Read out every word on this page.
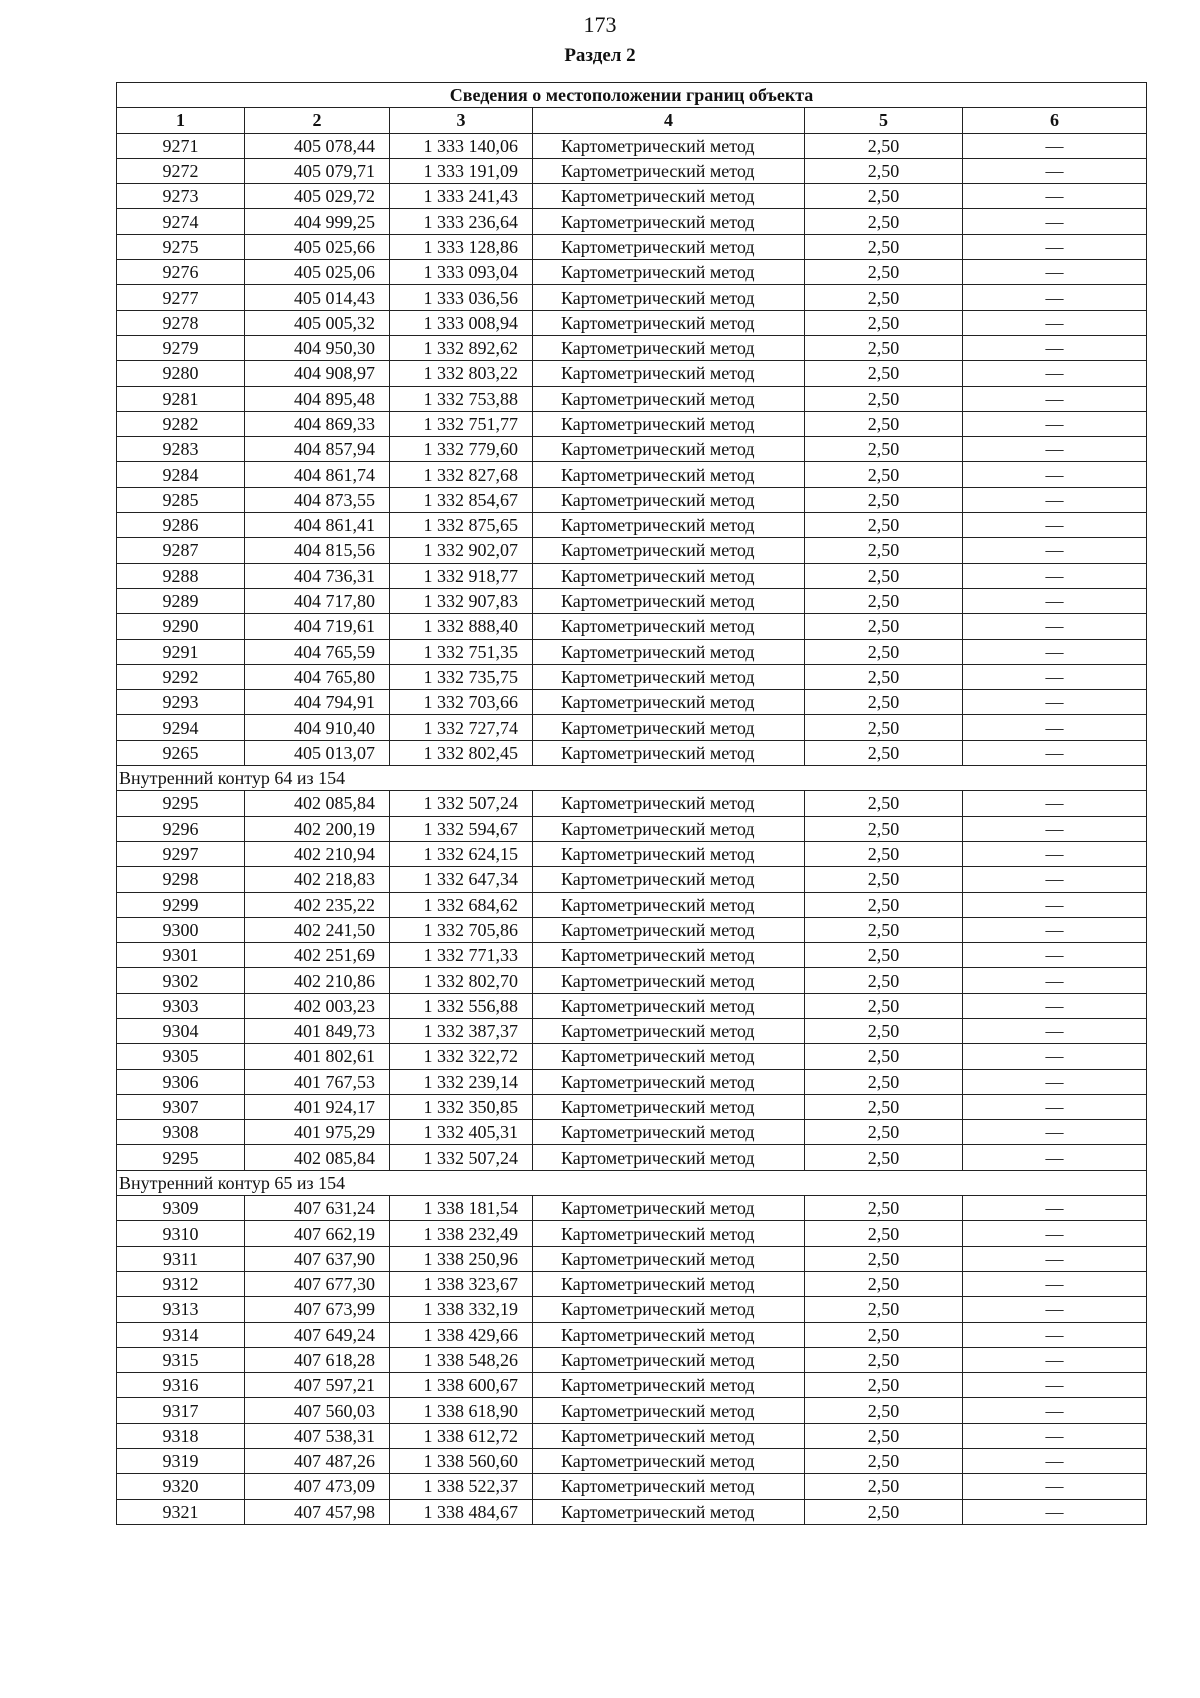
173
Раздел 2
Сведения о местоположении границ объекта					
1	2	3	4	5	6
9271	405 078,44	1 333 140,06	Картометрический метод	2,50	—
9272	405 079,71	1 333 191,09	Картометрический метод	2,50	—
9273	405 029,72	1 333 241,43	Картометрический метод	2,50	—
9274	404 999,25	1 333 236,64	Картометрический метод	2,50	—
9275	405 025,66	1 333 128,86	Картометрический метод	2,50	—
9276	405 025,06	1 333 093,04	Картометрический метод	2,50	—
9277	405 014,43	1 333 036,56	Картометрический метод	2,50	—
9278	405 005,32	1 333 008,94	Картометрический метод	2,50	—
9279	404 950,30	1 332 892,62	Картометрический метод	2,50	—
9280	404 908,97	1 332 803,22	Картометрический метод	2,50	—
9281	404 895,48	1 332 753,88	Картометрический метод	2,50	—
9282	404 869,33	1 332 751,77	Картометрический метод	2,50	—
9283	404 857,94	1 332 779,60	Картометрический метод	2,50	—
9284	404 861,74	1 332 827,68	Картометрический метод	2,50	—
9285	404 873,55	1 332 854,67	Картометрический метод	2,50	—
9286	404 861,41	1 332 875,65	Картометрический метод	2,50	—
9287	404 815,56	1 332 902,07	Картометрический метод	2,50	—
9288	404 736,31	1 332 918,77	Картометрический метод	2,50	—
9289	404 717,80	1 332 907,83	Картометрический метод	2,50	—
9290	404 719,61	1 332 888,40	Картометрический метод	2,50	—
9291	404 765,59	1 332 751,35	Картометрический метод	2,50	—
9292	404 765,80	1 332 735,75	Картометрический метод	2,50	—
9293	404 794,91	1 332 703,66	Картометрический метод	2,50	—
9294	404 910,40	1 332 727,74	Картометрический метод	2,50	—
9265	405 013,07	1 332 802,45	Картометрический метод	2,50	—
Внутренний контур 64 из 154					
9295	402 085,84	1 332 507,24	Картометрический метод	2,50	—
9296	402 200,19	1 332 594,67	Картометрический метод	2,50	—
9297	402 210,94	1 332 624,15	Картометрический метод	2,50	—
9298	402 218,83	1 332 647,34	Картометрический метод	2,50	—
9299	402 235,22	1 332 684,62	Картометрический метод	2,50	—
9300	402 241,50	1 332 705,86	Картометрический метод	2,50	—
9301	402 251,69	1 332 771,33	Картометрический метод	2,50	—
9302	402 210,86	1 332 802,70	Картометрический метод	2,50	—
9303	402 003,23	1 332 556,88	Картометрический метод	2,50	—
9304	401 849,73	1 332 387,37	Картометрический метод	2,50	—
9305	401 802,61	1 332 322,72	Картометрический метод	2,50	—
9306	401 767,53	1 332 239,14	Картометрический метод	2,50	—
9307	401 924,17	1 332 350,85	Картометрический метод	2,50	—
9308	401 975,29	1 332 405,31	Картометрический метод	2,50	—
9295	402 085,84	1 332 507,24	Картометрический метод	2,50	—
Внутренний контур 65 из 154					
9309	407 631,24	1 338 181,54	Картометрический метод	2,50	—
9310	407 662,19	1 338 232,49	Картометрический метод	2,50	—
9311	407 637,90	1 338 250,96	Картометрический метод	2,50	—
9312	407 677,30	1 338 323,67	Картометрический метод	2,50	—
9313	407 673,99	1 338 332,19	Картометрический метод	2,50	—
9314	407 649,24	1 338 429,66	Картометрический метод	2,50	—
9315	407 618,28	1 338 548,26	Картометрический метод	2,50	—
9316	407 597,21	1 338 600,67	Картометрический метод	2,50	—
9317	407 560,03	1 338 618,90	Картометрический метод	2,50	—
9318	407 538,31	1 338 612,72	Картометрический метод	2,50	—
9319	407 487,26	1 338 560,60	Картометрический метод	2,50	—
9320	407 473,09	1 338 522,37	Картометрический метод	2,50	—
9321	407 457,98	1 338 484,67	Картометрический метод	2,50	—
